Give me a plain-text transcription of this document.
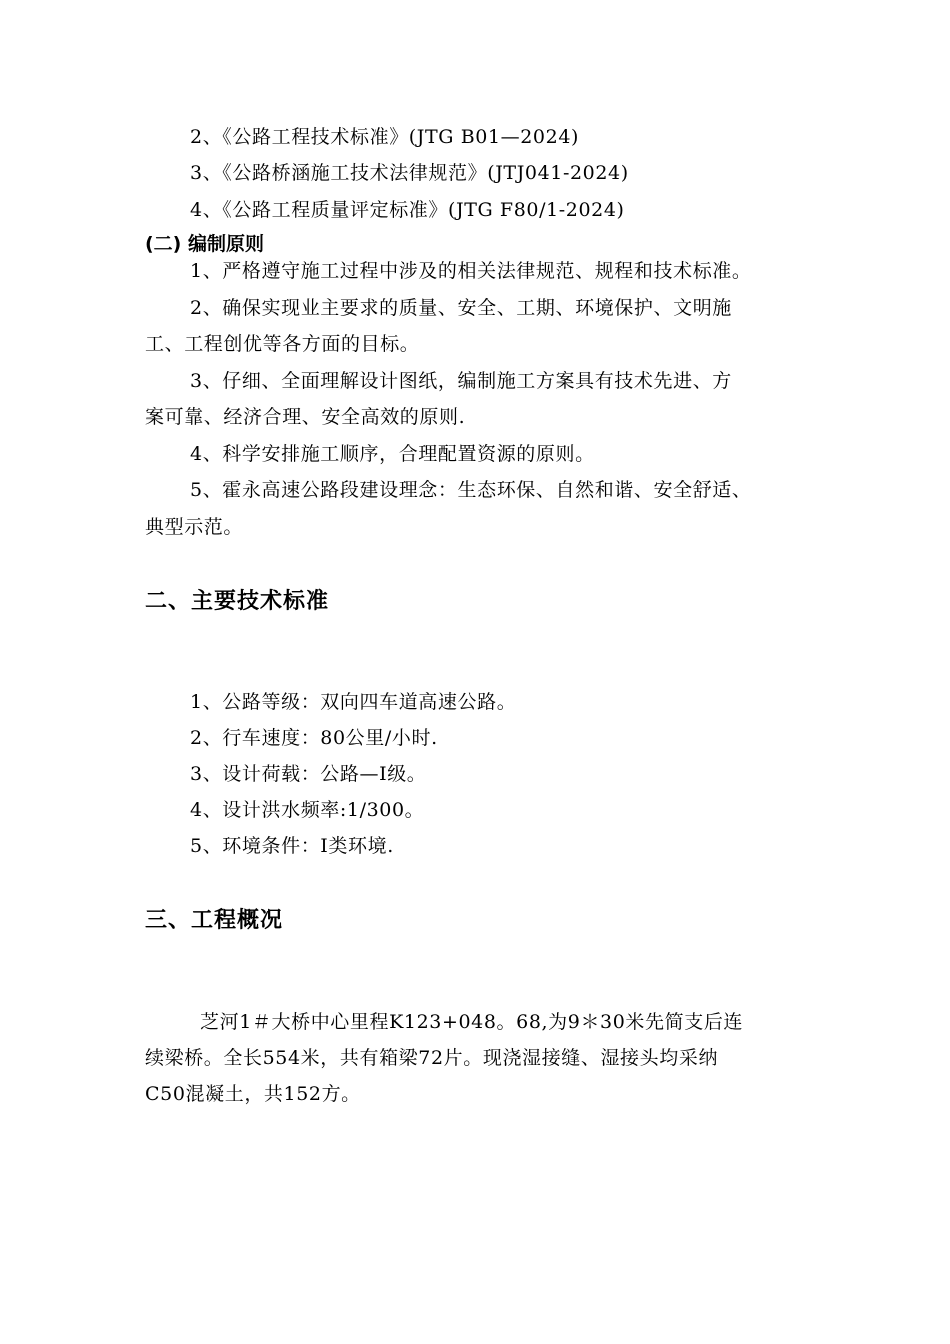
2、《公路工程技术标准》(JTG B01—2024)
3、《公路桥涵施工技术法律规范》(JTJ041-2024)
4、《公路工程质量评定标准》(JTG F80/1-2024)
(二) 编制原则
1、严格遵守施工过程中涉及的相关法律规范、规程和技术标准。
2、确保实现业主要求的质量、安全、工期、环境保护、文明施
工、工程创优等各方面的目标。
3、仔细、全面理解设计图纸，编制施工方案具有技术先进、方
案可靠、经济合理、安全高效的原则.
4、科学安排施工顺序，合理配置资源的原则。
5、霍永高速公路段建设理念：生态环保、自然和谐、安全舒适、
典型示范。
二、主要技术标准
1、公路等级：双向四车道高速公路。
2、行车速度：80公里/小时.
3、设计荷载：公路—Ⅰ级。
4、设计洪水频率:1/300。
5、环境条件：Ⅰ类环境.
三、工程概况
芝河1＃大桥中心里程K123+048。68,为9＊30米先简支后连
续梁桥。全长554米，共有箱梁72片。现浇湿接缝、湿接头均采纳
C50混凝土，共152方。
